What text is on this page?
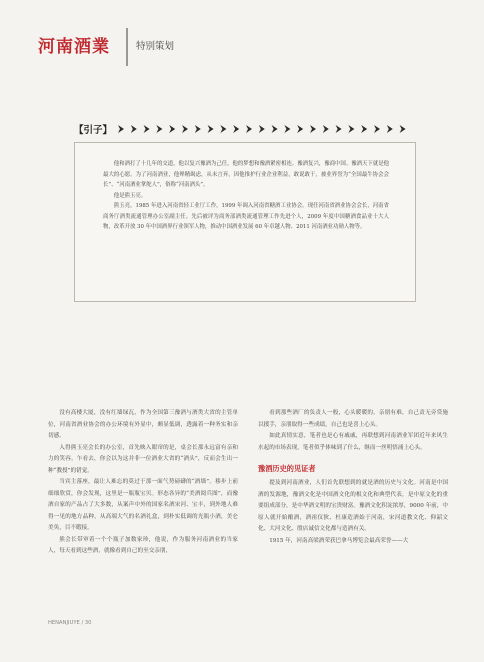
河南酒業	特别策划
【引子】

他和酒打了十几年的交道，他以复兴豫酒为己任，他的梦想和豫酒紧密相连。豫酒复兴，豫商中国。豫酒天下就是他最大的心愿。为了河南酒业，他殚精竭虑，从未言弃，因他推护行业企业利益，敢说敢干，被业界誉为“全国最牛协会会长”、“河南酒业掌舵人”，俗称“河南酒头”。

他是熊玉亮。

熊玉亮，1985 年进入河南省轻工业厅工作，1999 年调入河南省糖酒工业协会。现任河南省酒业协会会长，河南省商务厅酒类流通管理办公室副主任。先后被评为商务部酒类流通管理工作先进个人，2009 年度中国糖酒食品业十大人物，改革开放 30 年中国酒界行业领军人物，推动中国酒业发展 60 年卓越人物、2011 河南酒业功勋人物等。

没有高楼大厦，没有红墙绿瓦，作为全国第三豫酒与酒类大省的主管单位，河南省酒业协会的办公环境有外显中，颇显低调，透露着一种务实和亲切感。

入得熊玉亮会长的办公室，首先映入眼帘的是，桌会长那永远富有亲和力的笑容。乍看去，你会以为这并非一位酒业大省的“酒头”，反而会生出一种“教授”的错觉。

当宾主落座，最让人难忘的莫过于那一面气势磅礴的“酒墙”。移步上前细细欣赏，你会发现，这里是一瓶瓶宝贝。形态各异的“美酒阅兵图”，而豫酒自家的产品占了大多数，从案声中外的国家名酒宋河、宝丰，到外地人难得一见的地方品种，从高端大气的名酒礼盒，到朴实低调的光瓶小酒，美仑美奂，目不暇接。

熊会长带审着一个个瓶子加数家珍，他说，作为服务河南酒业的当家人，每天看到这些酒，就像看到自己的至交亲朋，

看到那些酒厂的负责人一般，心头暖暖的。亲朋有难，自己责无旁贷施以援手，亲朋取得一些成绩，自己也是喜上心头。

如此真情实意，笔者也是心有戚戚，再联想到河南酒业军团近年来风生水起的市场表现，笔者似乎体味到了什么，继而一丝明悟涌上心头。

豫酒历史的见证者

提及到河南酒业，人们首先联想到的就是酒的历史与文化。河南是中国酒的发源地，豫酒文化是中国酒文化的根文化和典型代表，是中原文化的重要组成部分，是中华酒文明的宝贵财富。豫酒文化积淀浓厚，9000 年前，中原人就开始酿酒，酒祖仪狄、杜康造酒始于河南，宋河道教文化、仰韶文化、大河文化、殷店诚信文化都与造酒有关。

1915 年，河南高梁酒荣获巴拿马博览会最高荣誉——大

HENANJIUYE / 30
